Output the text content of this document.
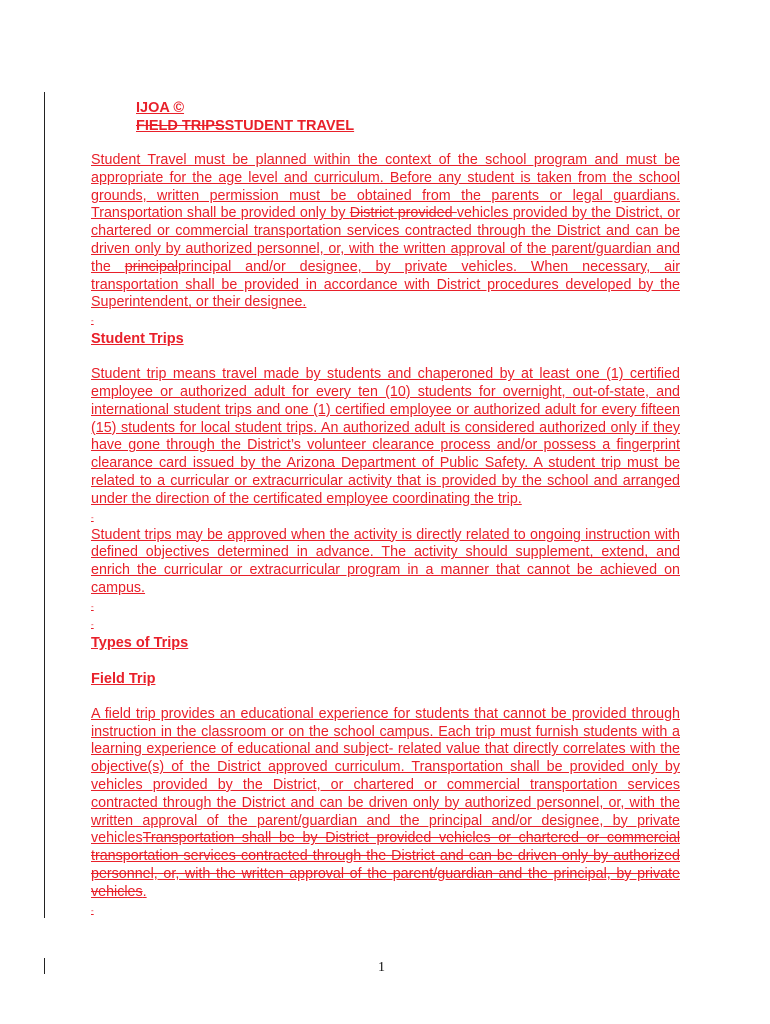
IJOA ©
FIELD TRIPSSTUDENT TRAVEL

Student Travel must be planned within the context of the school program and must be appropriate for the age level and curriculum. Before any student is taken from the school grounds, written permission must be obtained from the parents or legal guardians. Transportation shall be provided only by District provided vehicles provided by the District, or chartered or commercial transportation services contracted through the District and can be driven only by authorized personnel, or, with the written approval of the parent/guardian and the principalprincipal and/or designee, by private vehicles. When necessary, air transportation shall be provided in accordance with District procedures developed by the Superintendent, or their designee.

-
Student Trips

Student trip means travel made by students and chaperoned by at least one (1) certified employee or authorized adult for every ten (10) students for overnight, out-of-state, and international student trips and one (1) certified employee or authorized adult for every fifteen (15) students for local student trips. An authorized adult is considered authorized only if they have gone through the District’s volunteer clearance process and/or possess a fingerprint clearance card issued by the Arizona Department of Public Safety. A student trip must be related to a curricular or extracurricular activity that is provided by the school and arranged under the direction of the certificated employee coordinating the trip.

-

Student trips may be approved when the activity is directly related to ongoing instruction with defined objectives determined in advance. The activity should supplement, extend, and enrich the curricular or extracurricular program in a manner that cannot be achieved on campus.

-
-
Types of Trips
Field Trip

A field trip provides an educational experience for students that cannot be provided through instruction in the classroom or on the school campus. Each trip must furnish students with a learning experience of educational and subject- related value that directly correlates with the objective(s) of the District approved curriculum. Transportation shall be provided only by vehicles provided by the District, or chartered or commercial transportation services contracted through the District and can be driven only by authorized personnel, or, with the written approval of the parent/guardian and the principal and/or designee, by private vehiclesTransportation shall be by District provided vehicles or chartered or commercial transportation services contracted through the District and can be driven only by authorized personnel, or, with the written approval of the parent/guardian and the principal, by private vehicles.

-
1
